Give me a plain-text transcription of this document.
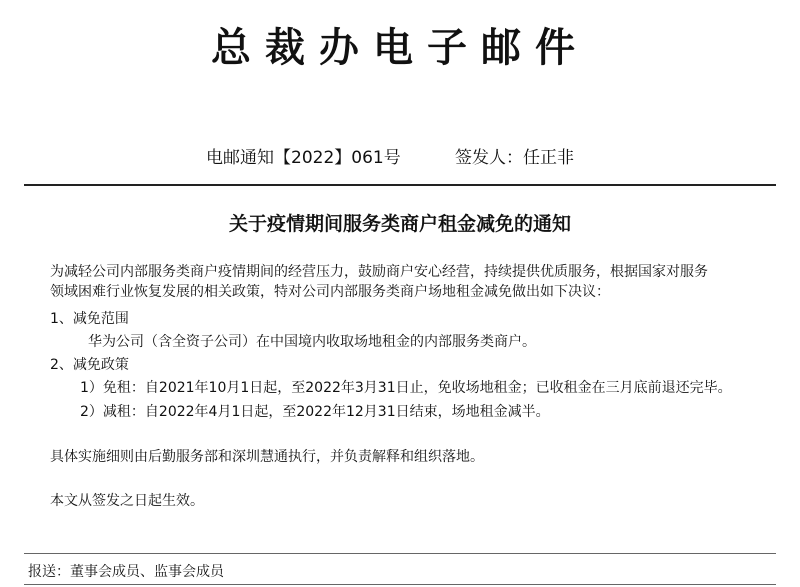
总裁办电子邮件
电邮通知【2022】061号	签发人：任正非
关于疫情期间服务类商户租金减免的通知
为减轻公司内部服务类商户疫情期间的经营压力，鼓励商户安心经营，持续提供优质服务，根据国家对服务
领域困难行业恢复发展的相关政策，特对公司内部服务类商户场地租金减免做出如下决议：
1、减免范围
华为公司（含全资子公司）在中国境内收取场地租金的内部服务类商户。
2、减免政策
1）免租：自2021年10月1日起，至2022年3月31日止，免收场地租金；已收租金在三月底前退还完毕。
2）减租：自2022年4月1日起，至2022年12月31日结束，场地租金减半。
具体实施细则由后勤服务部和深圳慧通执行，并负责解释和组织落地。
本文从签发之日起生效。
报送：董事会成员、监事会成员
